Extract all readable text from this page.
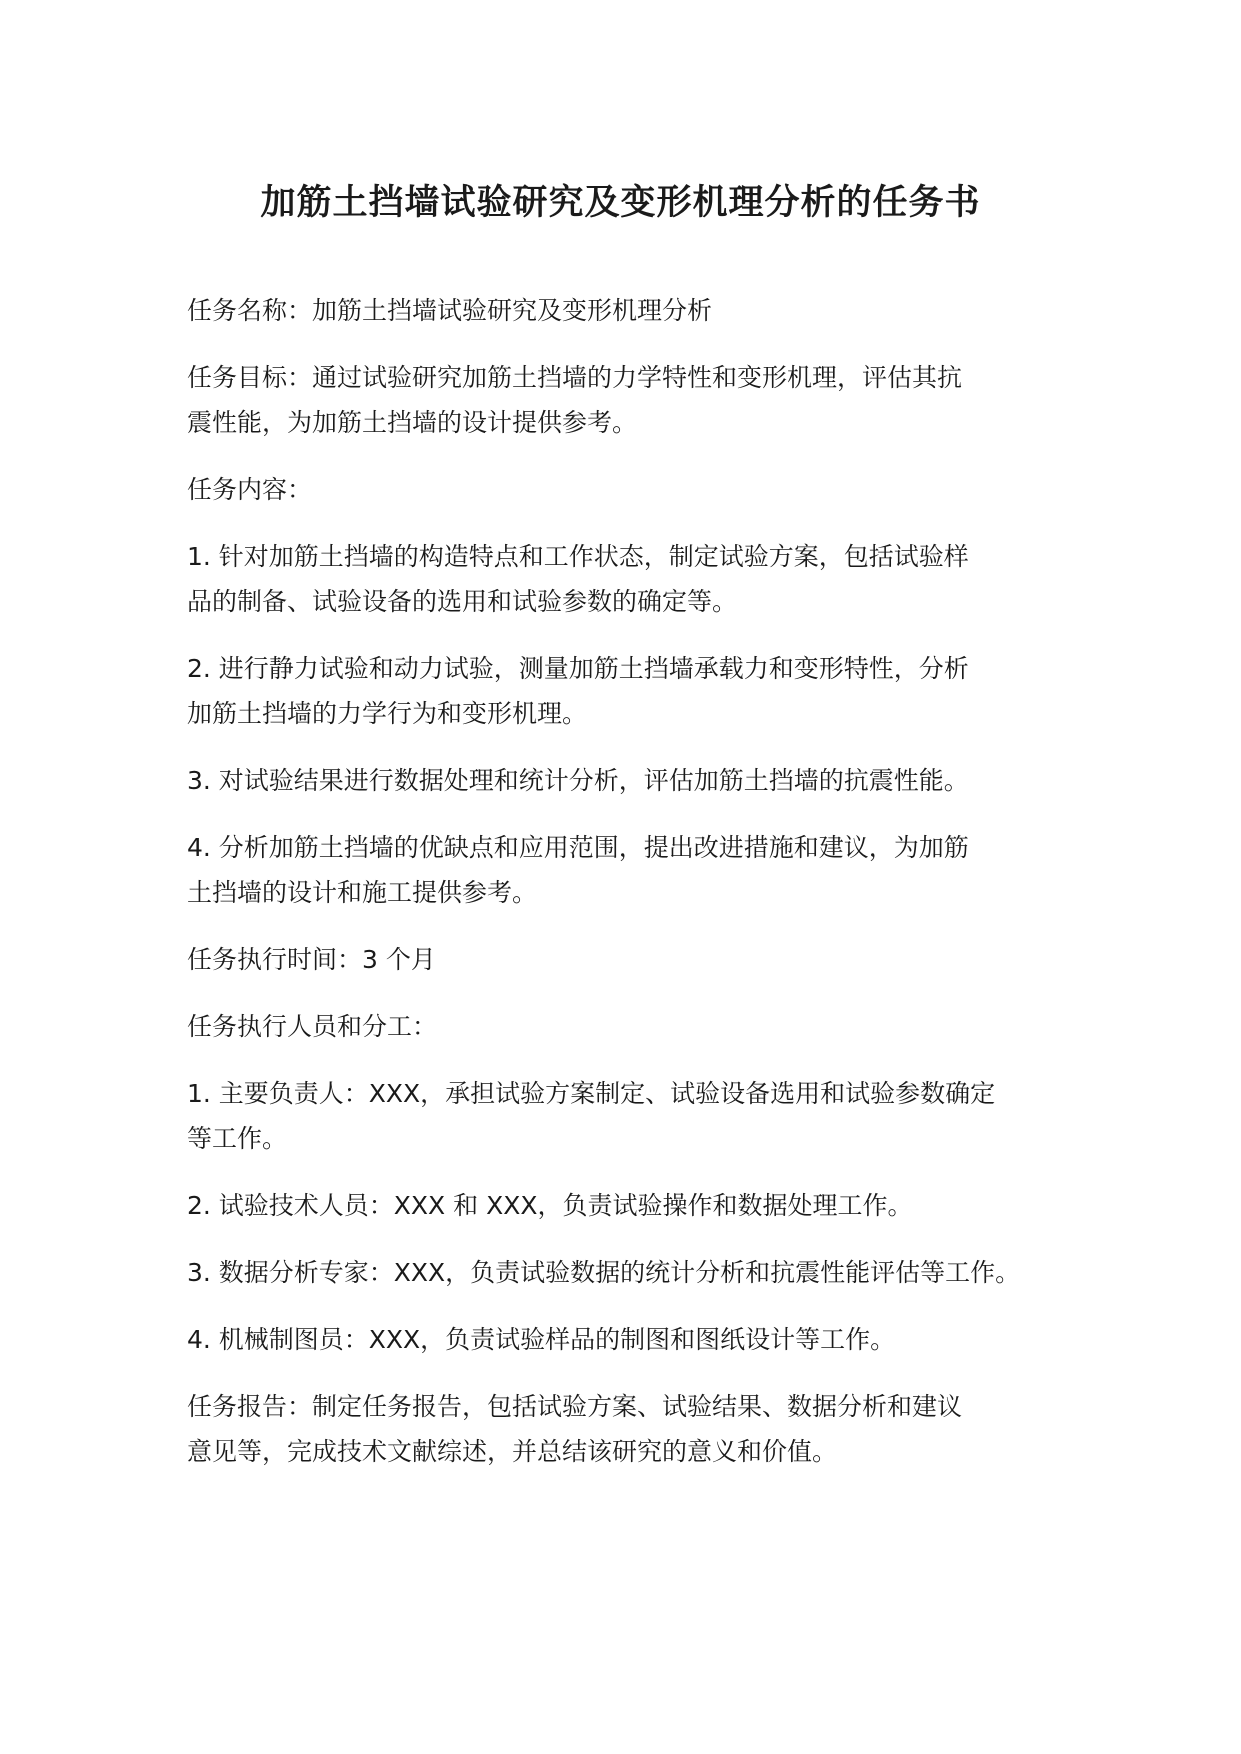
加筋土挡墙试验研究及变形机理分析的任务书

任务名称：加筋土挡墙试验研究及变形机理分析

任务目标：通过试验研究加筋土挡墙的力学特性和变形机理，评估其抗
震性能，为加筋土挡墙的设计提供参考。

任务内容：

1. 针对加筋土挡墙的构造特点和工作状态，制定试验方案，包括试验样
品的制备、试验设备的选用和试验参数的确定等。

2. 进行静力试验和动力试验，测量加筋土挡墙承载力和变形特性，分析
加筋土挡墙的力学行为和变形机理。

3. 对试验结果进行数据处理和统计分析，评估加筋土挡墙的抗震性能。

4. 分析加筋土挡墙的优缺点和应用范围，提出改进措施和建议，为加筋
土挡墙的设计和施工提供参考。

任务执行时间：3 个月

任务执行人员和分工：

1. 主要负责人：XXX，承担试验方案制定、试验设备选用和试验参数确定
等工作。

2. 试验技术人员：XXX 和 XXX，负责试验操作和数据处理工作。

3. 数据分析专家：XXX，负责试验数据的统计分析和抗震性能评估等工作。

4. 机械制图员：XXX，负责试验样品的制图和图纸设计等工作。

任务报告：制定任务报告，包括试验方案、试验结果、数据分析和建议
意见等，完成技术文献综述，并总结该研究的意义和价值。
